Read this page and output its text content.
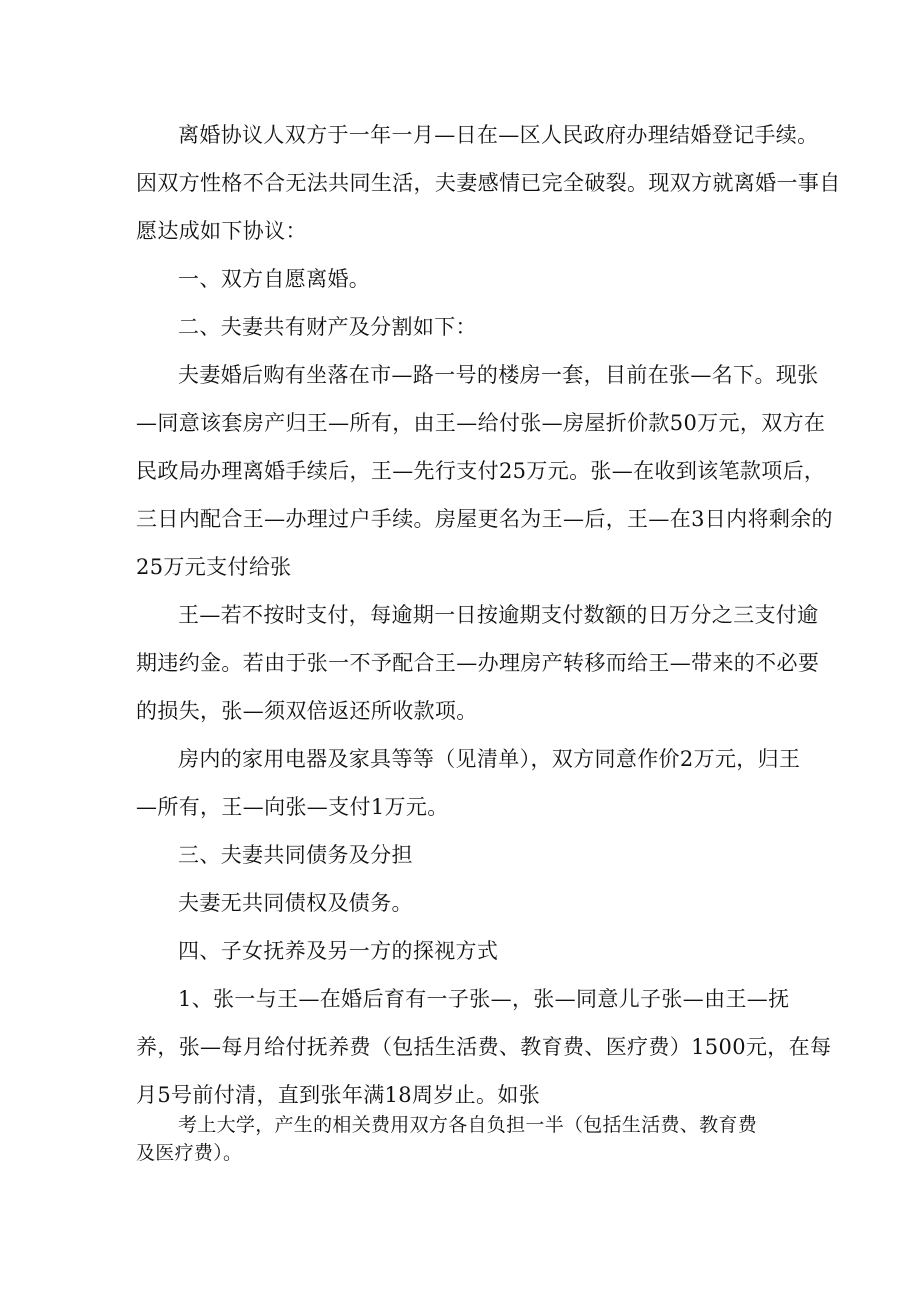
离婚协议人双方于一年一月—日在—区人民政府办理结婚登记手续。

因双方性格不合无法共同生活，夫妻感情已完全破裂。现双方就离婚一事自

愿达成如下协议：

一、双方自愿离婚。

二、夫妻共有财产及分割如下：

夫妻婚后购有坐落在市—路一号的楼房一套，目前在张—名下。现张

—同意该套房产归王—所有，由王—给付张—房屋折价款50万元，双方在

民政局办理离婚手续后，王—先行支付25万元。张—在收到该笔款项后，

三日内配合王—办理过户手续。房屋更名为王—后，王—在3日内将剩余的

25万元支付给张

王—若不按时支付，每逾期一日按逾期支付数额的日万分之三支付逾

期违约金。若由于张一不予配合王—办理房产转移而给王—带来的不必要

的损失，张—须双倍返还所收款项。

房内的家用电器及家具等等（见清单），双方同意作价2万元，归王

—所有，王—向张—支付1万元。

三、夫妻共同债务及分担

夫妻无共同债权及债务。

四、子女抚养及另一方的探视方式

1、张一与王—在婚后育有一子张—，张—同意儿子张—由王—抚

养，张—每月给付抚养费（包括生活费、教育费、医疗费）1500元，在每

月5号前付清，直到张年满18周岁止。如张

考上大学，产生的相关费用双方各自负担一半（包括生活费、教育费

及医疗费）。
